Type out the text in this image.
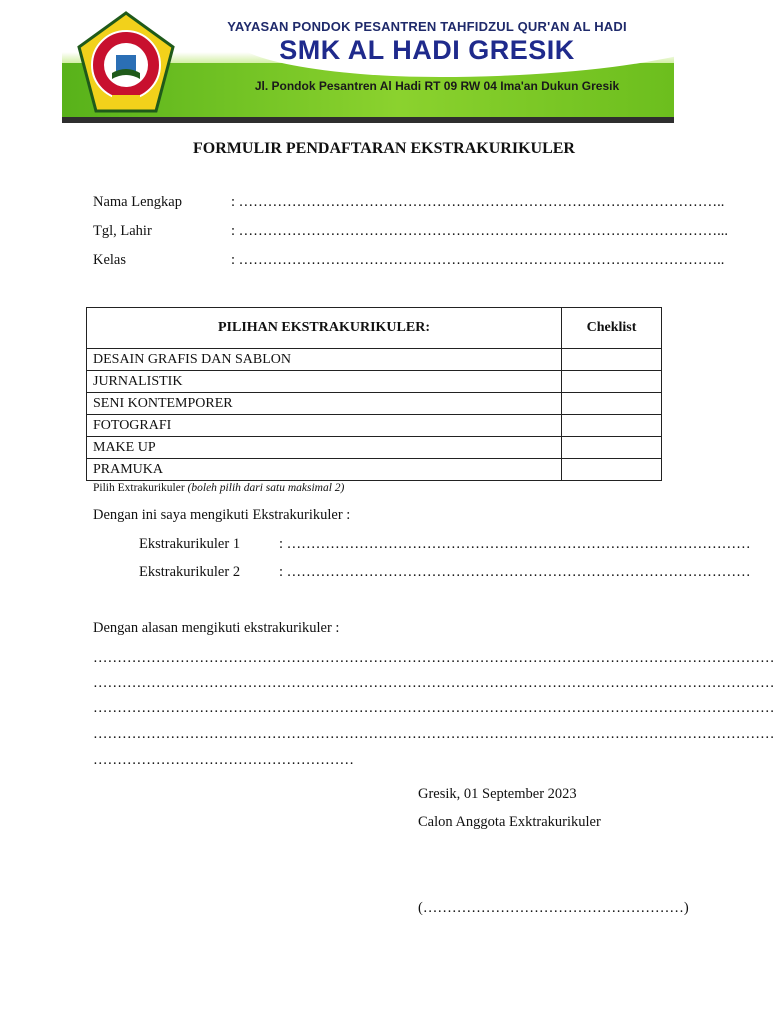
YAYASAN PONDOK PESANTREN TAHFIDZUL QUR'AN AL HADI
SMK AL HADI GRESIK
Jl. Pondok Pesantren Al Hadi RT 09 RW 04 Ima'an Dukun Gresik
FORMULIR PENDAFTARAN EKSTRAKURIKULER
Nama Lengkap	: ………………………………………………………………………………………..
Tgl, Lahir	: ………………………………………………………………………………………...
Kelas	: ………………………………………………………………………………………..
PILIHAN EKSTRAKURIKULER:	Cheklist
DESAIN GRAFIS DAN SABLON	
JURNALISTIK	
SENI KONTEMPORER	
FOTOGRAFI	
MAKE UP	
PRAMUKA	
Pilih Extrakurikuler (boleh pilih dari satu maksimal 2)
Dengan ini saya mengikuti Ekstrakurikuler :
Ekstrakurikuler 1	: ……………………………………………………………………………………
Ekstrakurikuler 2	: ……………………………………………………………………………………
Dengan alasan mengikuti ekstrakurikuler :
……………………………………………………………………………………………………………………………
……………………………………………………………………………………………………………………………
……………………………………………………………………………………………………………………………
……………………………………………………………………………………………………………………………
………………………………………………
Gresik, 01 September 2023
Calon Anggota Exktrakurikuler
(………………………………………………)
